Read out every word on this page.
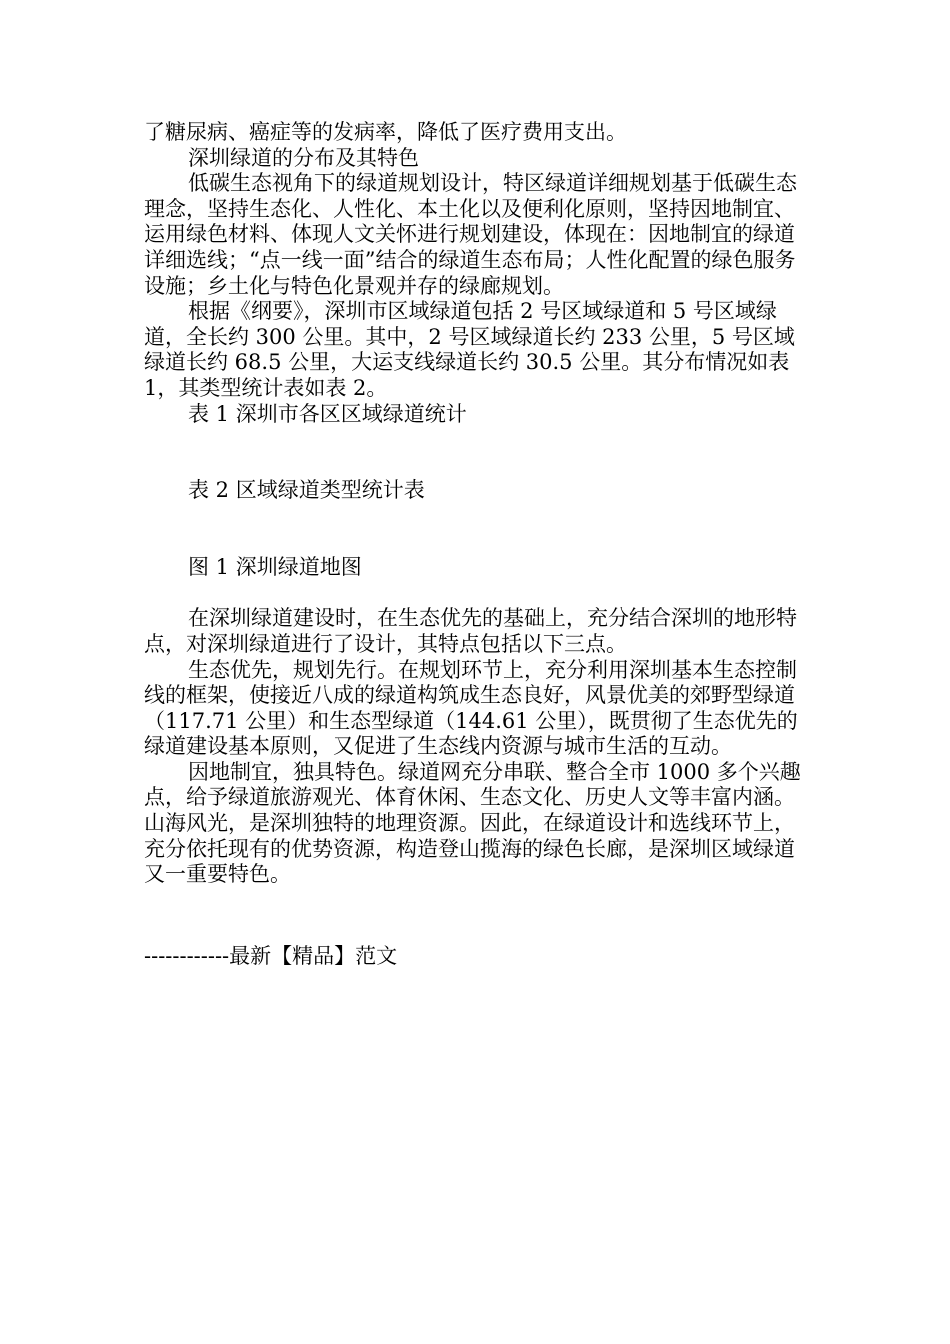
了糖尿病、癌症等的发病率，降低了医疗费用支出。

深圳绿道的分布及其特色

低碳生态视角下的绿道规划设计，特区绿道详细规划基于低碳生态理念，坚持生态化、人性化、本土化以及便利化原则，坚持因地制宜、运用绿色材料、体现人文关怀进行规划建设，体现在：因地制宜的绿道详细选线；“点一线一面”结合的绿道生态布局；人性化配置的绿色服务设施；乡土化与特色化景观并存的绿廊规划。

根据《纲要》，深圳市区域绿道包括 2 号区域绿道和 5 号区域绿道，全长约 300 公里。其中，2 号区域绿道长约 233 公里，5 号区域绿道长约 68.5 公里，大运支线绿道长约 30.5 公里。其分布情况如表 1，其类型统计表如表 2。

表 1 深圳市各区区域绿道统计

表 2 区域绿道类型统计表

图 1 深圳绿道地图

在深圳绿道建设时，在生态优先的基础上，充分结合深圳的地形特点，对深圳绿道进行了设计，其特点包括以下三点。

生态优先，规划先行。在规划环节上，充分利用深圳基本生态控制线的框架，使接近八成的绿道构筑成生态良好，风景优美的郊野型绿道（117.71 公里）和生态型绿道（144.61 公里），既贯彻了生态优先的绿道建设基本原则，又促进了生态线内资源与城市生活的互动。

因地制宜，独具特色。绿道网充分串联、整合全市 1000 多个兴趣点，给予绿道旅游观光、体育休闲、生态文化、历史人文等丰富内涵。山海风光，是深圳独特的地理资源。因此，在绿道设计和选线环节上，充分依托现有的优势资源，构造登山揽海的绿色长廊，是深圳区域绿道又一重要特色。

------------最新【精品】范文
